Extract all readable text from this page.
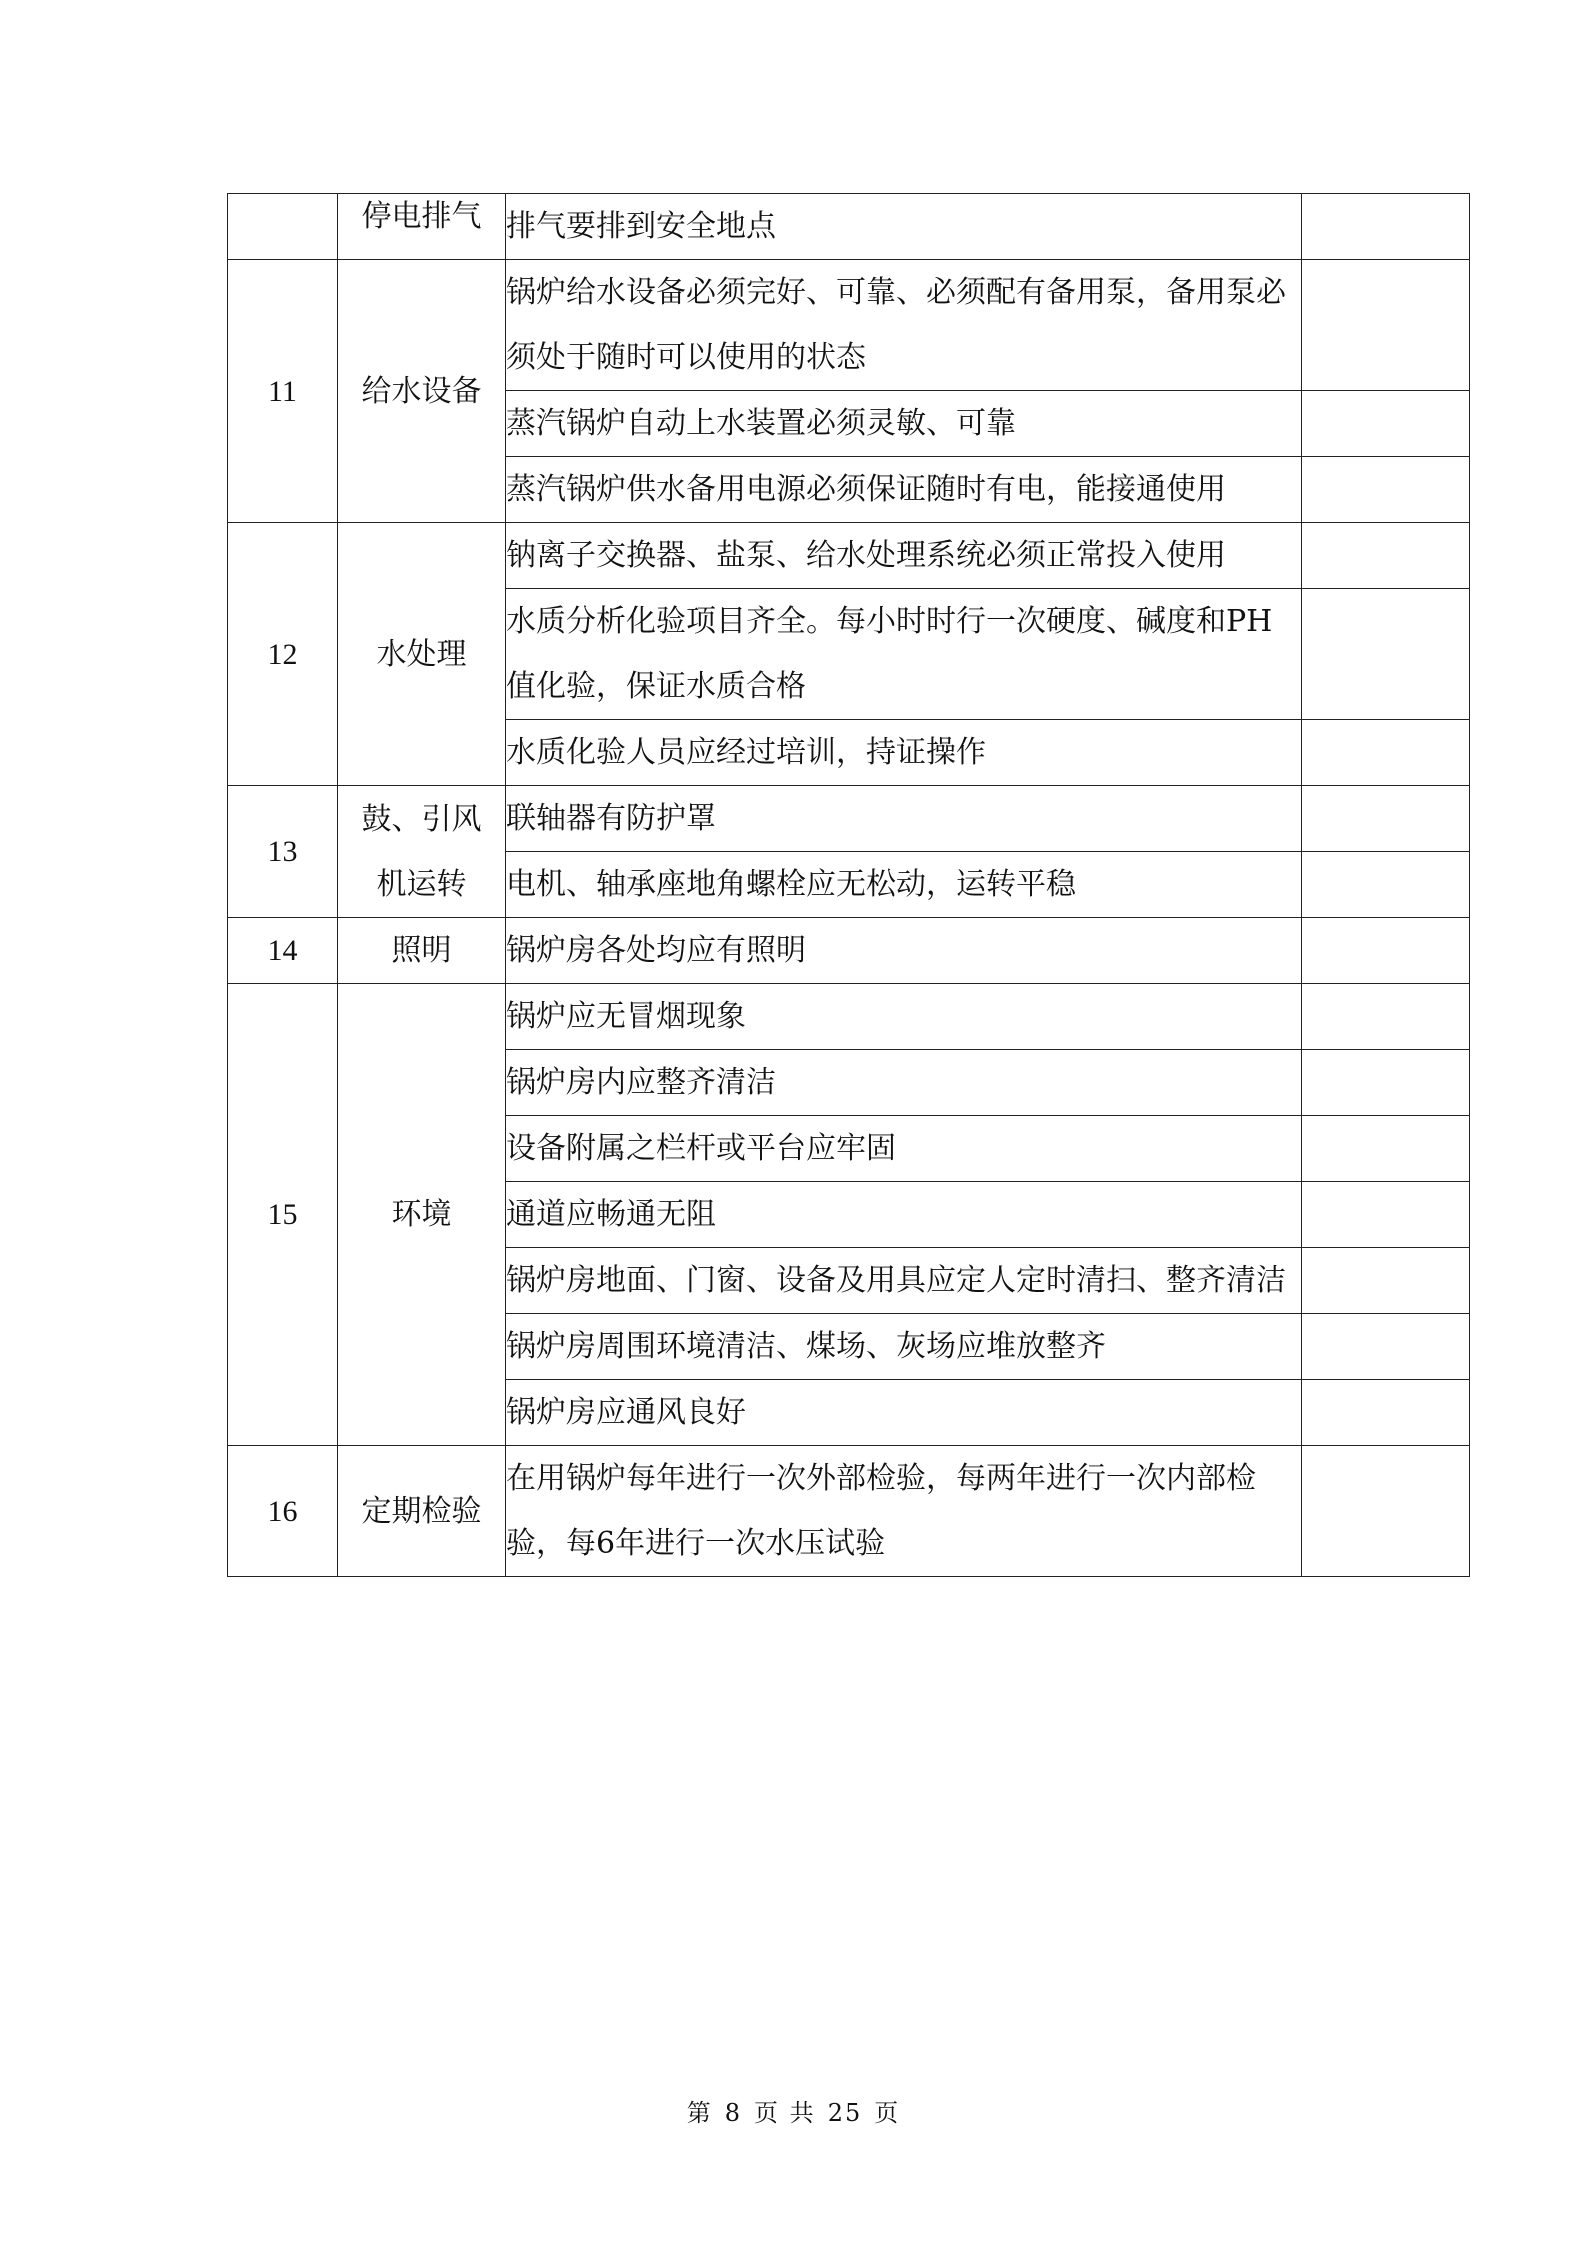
	停电排气	排气要排到安全地点	
11	给水设备	锅炉给水设备必须完好、可靠、必须配有备用泵，备用泵必须处于随时可以使用的状态	
		蒸汽锅炉自动上水装置必须灵敏、可靠	
		蒸汽锅炉供水备用电源必须保证随时有电，能接通使用	
12	水处理	钠离子交换器、盐泵、给水处理系统必须正常投入使用	
		水质分析化验项目齐全。每小时时行一次硬度、碱度和PH值化验，保证水质合格	
		水质化验人员应经过培训，持证操作	
13	鼓、引风机运转	联轴器有防护罩	
		电机、轴承座地角螺栓应无松动，运转平稳	
14	照明	锅炉房各处均应有照明	
15	环境	锅炉应无冒烟现象	
		锅炉房内应整齐清洁	
		设备附属之栏杆或平台应牢固	
		通道应畅通无阻	
		锅炉房地面、门窗、设备及用具应定人定时清扫、整齐清洁	
		锅炉房周围环境清洁、煤场、灰场应堆放整齐	
		锅炉房应通风良好	
16	定期检验	在用锅炉每年进行一次外部检验，每两年进行一次内部检验，每6年进行一次水压试验	
第 8 页 共 25 页
